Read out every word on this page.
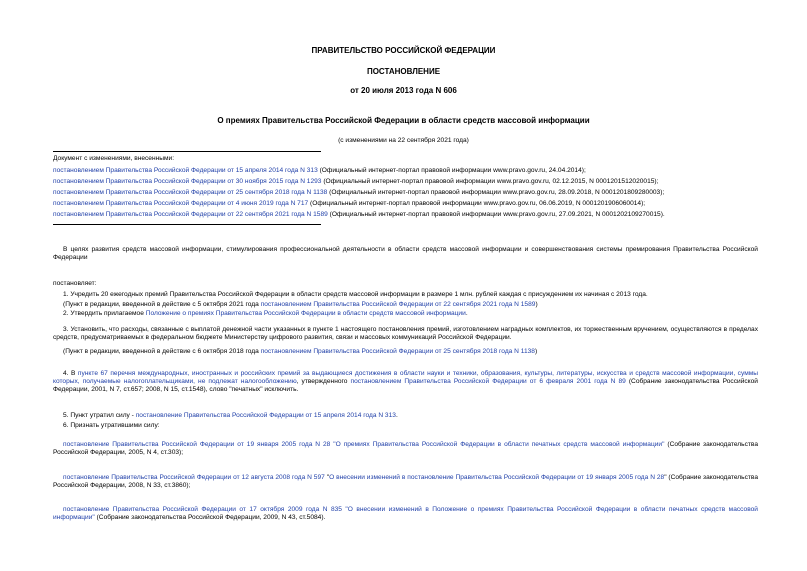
ПРАВИТЕЛЬСТВО РОССИЙСКОЙ ФЕДЕРАЦИИ
ПОСТАНОВЛЕНИЕ
от 20 июля 2013 года N 606
О премиях Правительства Российской Федерации в области средств массовой информации
(с изменениями на 22 сентября 2021 года)
Документ с изменениями, внесенными:
постановлением Правительства Российской Федерации от 15 апреля 2014 года N 313 (Официальный интернет-портал правовой информации www.pravo.gov.ru, 24.04.2014);
постановлением Правительства Российской Федерации от 30 ноября 2015 года N 1293 (Официальный интернет-портал правовой информации www.pravo.gov.ru, 02.12.2015, N 0001201512020015);
постановлением Правительства Российской Федерации от 25 сентября 2018 года N 1138 (Официальный интернет-портал правовой информации www.pravo.gov.ru, 28.09.2018, N 0001201809280003);
постановлением Правительства Российской Федерации от 4 июня 2019 года N 717 (Официальный интернет-портал правовой информации www.pravo.gov.ru, 06.06.2019, N 0001201906060014);
постановлением Правительства Российской Федерации от 22 сентября 2021 года N 1589 (Официальный интернет-портал правовой информации www.pravo.gov.ru, 27.09.2021, N 0001202109270015).
В целях развития средств массовой информации, стимулирования профессиональной деятельности в области средств массовой информации и совершенствования системы премирования Правительства Российской Федерации
постановляет:
1. Учредить 20 ежегодных премий Правительства Российской Федерации в области средств массовой информации в размере 1 млн. рублей каждая с присуждением их начиная с 2013 года.
(Пункт в редакции, введенной в действие с 5 октября 2021 года постановлением Правительства Российской Федерации от 22 сентября 2021 года N 1589)
2. Утвердить прилагаемое Положение о премиях Правительства Российской Федерации в области средств массовой информации.
3. Установить, что расходы, связанные с выплатой денежной части указанных в пункте 1 настоящего постановления премий, изготовлением наградных комплектов, их торжественным вручением, осуществляются в пределах средств, предусматриваемых в федеральном бюджете Министерству цифрового развития, связи и массовых коммуникаций Российской Федерации.
(Пункт в редакции, введенной в действие с 6 октября 2018 года постановлением Правительства Российской Федерации от 25 сентября 2018 года N 1138)
4. В пункте 67 перечня международных, иностранных и российских премий за выдающиеся достижения в области науки и техники, образования, культуры, литературы, искусства и средств массовой информации, суммы которых, получаемые налогоплательщиками, не подлежат налогообложению, утвержденного постановлением Правительства Российской Федерации от 6 февраля 2001 года N 89 (Собрание законодательства Российской Федерации, 2001, N 7, ст.657; 2008, N 15, ст.1548), слово "печатных" исключить.
5. Пункт утратил силу - постановление Правительства Российской Федерации от 15 апреля 2014 года N 313.
6. Признать утратившими силу:
постановление Правительства Российской Федерации от 19 января 2005 года N 28 "О премиях Правительства Российской Федерации в области печатных средств массовой информации" (Собрание законодательства Российской Федерации, 2005, N 4, ст.303);
постановление Правительства Российской Федерации от 12 августа 2008 года N 597 "О внесении изменений в постановление Правительства Российской Федерации от 19 января 2005 года N 28" (Собрание законодательства Российской Федерации, 2008, N 33, ст.3860);
постановление Правительства Российской Федерации от 17 октября 2009 года N 835 "О внесении изменений в Положение о премиях Правительства Российской Федерации в области печатных средств массовой информации" (Собрание законодательства Российской Федерации, 2009, N 43, ст.5084).
